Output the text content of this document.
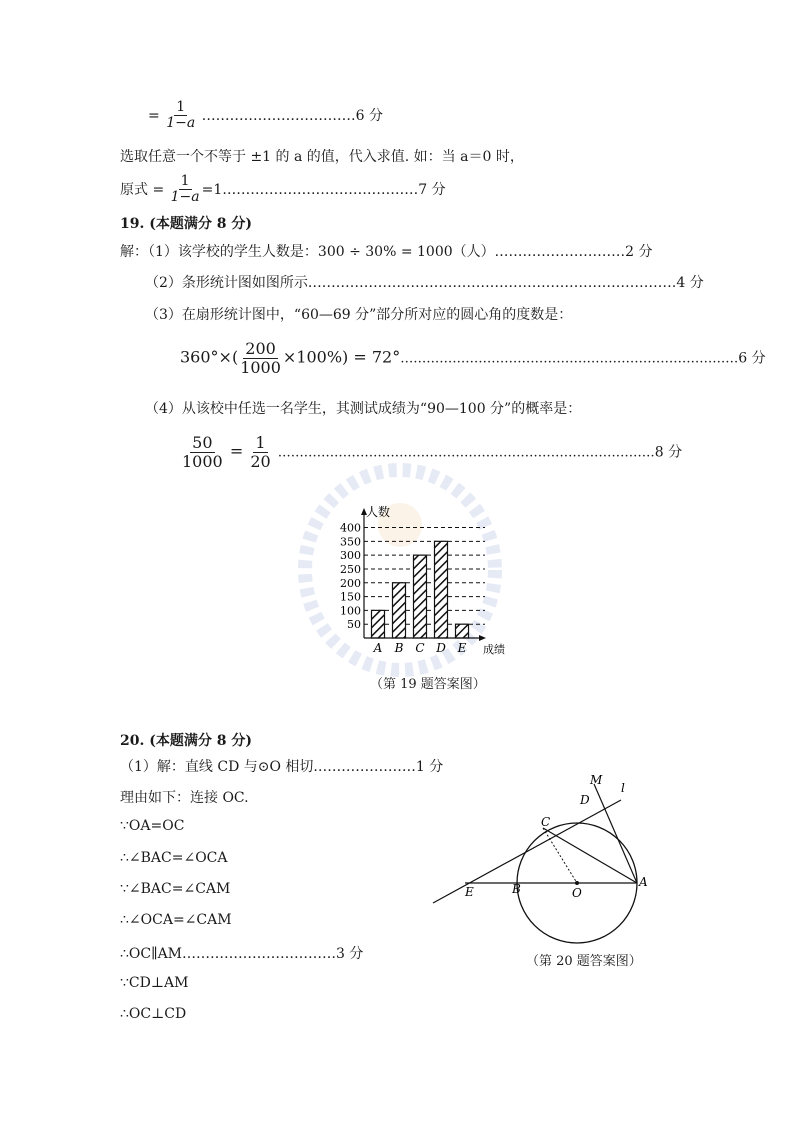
= $\frac{1}{1-a}$ ……………………………6 分
选取任意一个不等于 ±1 的 a 的值，代入求值. 如：当 a＝0 时，
原式 = $\frac{1}{1-a}$ =1……………………………………7 分
19. (本题满分 8 分)
解：（1）该学校的学生人数是：300 ÷ 30% = 1000（人）.………………………2 分
（2）条形统计图如图所示.……………………………………………………………………4 分
（3）在扇形统计图中，“60—69 分”部分所对应的圆心角的度数是：
$360^\circ\times( \frac{200}{1000} \times 100\%)$ = 72°……………………………………………………………………6 分
（4）从该校中任选一名学生，其测试成绩为“90—100 分”的概率是：
$\frac{50}{1000} = \frac{1}{20}$ ……………………………………………………………………………8 分
50
100
150
200
250
300
350
400
A B C D E
人数
成绩
（第 19 题答案图）
20. (本题满分 8 分)
（1）解：直线 CD 与⊙O 相切.…………………1 分
理由如下：连接 OC.
∵OA=OC
∴∠BAC=∠OCA
∵∠BAC=∠CAM
∴∠OCA=∠CAM
∴OC∥AM……………………………3 分
∵CD⊥AM
∴OC⊥CD
M
D
l
C
E	B	O
A
（第 20 题答案图）
